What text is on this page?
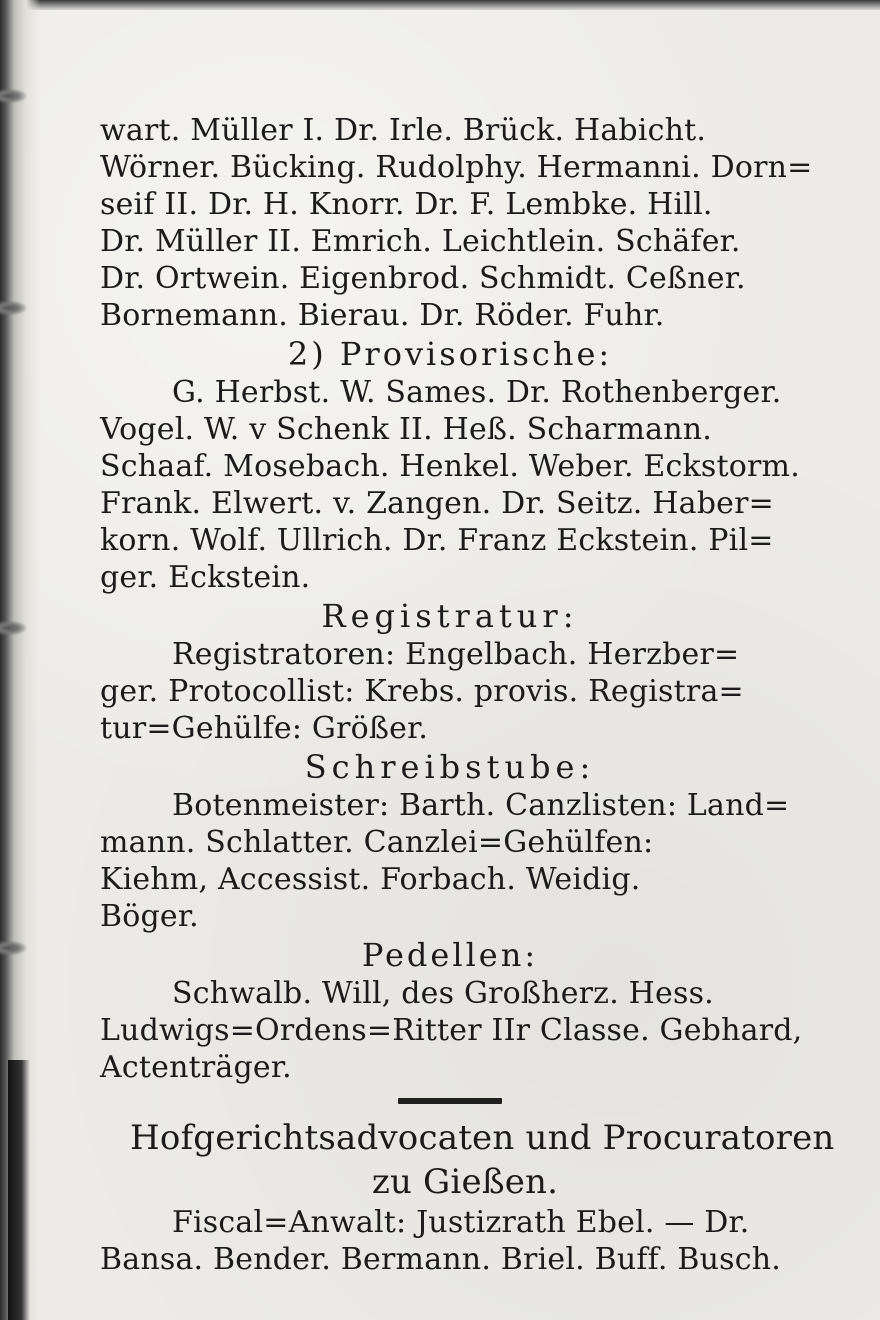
wart. Müller I. Dr. Irle. Brück. Habicht.
Wörner. Bücking. Rudolphy. Hermanni. Dorn=
seif II. Dr. H. Knorr. Dr. F. Lembke. Hill.
Dr. Müller II. Emrich. Leichtlein. Schäfer.
Dr. Ortwein. Eigenbrod. Schmidt. Ceßner.
Bornemann. Bierau. Dr. Röder. Fuhr.
2) Provisorische:
G. Herbst. W. Sames. Dr. Rothenberger.
Vogel. W. v Schenk II. Heß. Scharmann.
Schaaf. Mosebach. Henkel. Weber. Eckstorm.
Frank. Elwert. v. Zangen. Dr. Seitz. Haber=
korn. Wolf. Ullrich. Dr. Franz Eckstein. Pil=
ger. Eckstein.
Registratur:
Registratoren: Engelbach. Herzber=
ger. Protocollist: Krebs. provis. Registra=
tur=Gehülfe: Größer.
Schreibstube:
Botenmeister: Barth. Canzlisten: Land=
mann. Schlatter. Canzlei=Gehülfen:
Kiehm, Accessist. Forbach. Weidig.
Böger.
Pedellen:
Schwalb. Will, des Großherz. Hess.
Ludwigs=Ordens=Ritter IIr Classe. Gebhard,
Actenträger.
Hofgerichtsadvocaten und Procuratoren
zu Gießen.
Fiscal=Anwalt: Justizrath Ebel. — Dr.
Bansa. Bender. Bermann. Briel. Buff. Busch.
